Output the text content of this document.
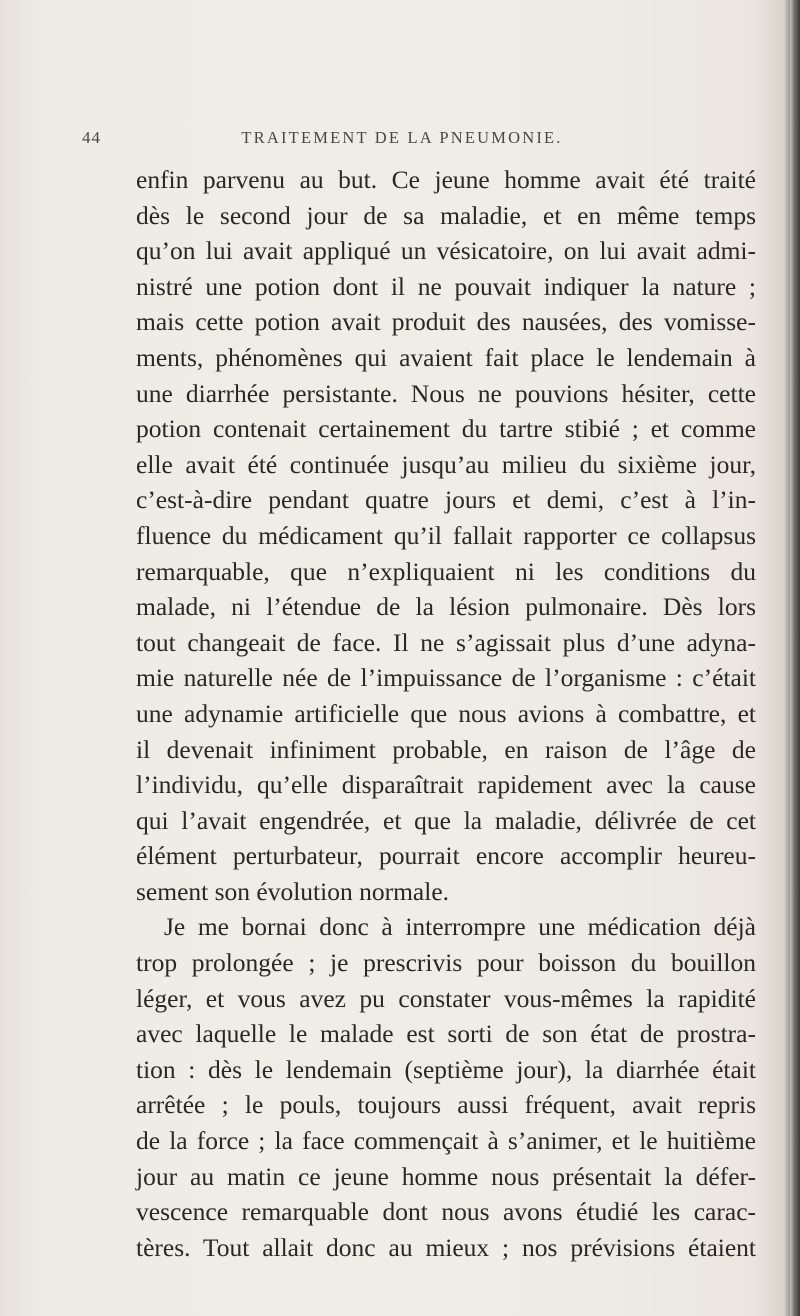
44	TRAITEMENT DE LA PNEUMONIE.
enfin parvenu au but. Ce jeune homme avait été traité
dès le second jour de sa maladie, et en même temps
qu’on lui avait appliqué un vésicatoire, on lui avait admi-
nistré une potion dont il ne pouvait indiquer la nature ;
mais cette potion avait produit des nausées, des vomisse-
ments, phénomènes qui avaient fait place le lendemain à
une diarrhée persistante. Nous ne pouvions hésiter, cette
potion contenait certainement du tartre stibié ; et comme
elle avait été continuée jusqu’au milieu du sixième jour,
c’est-à-dire pendant quatre jours et demi, c’est à l’in-
fluence du médicament qu’il fallait rapporter ce collapsus
remarquable, que n’expliquaient ni les conditions du
malade, ni l’étendue de la lésion pulmonaire. Dès lors
tout changeait de face. Il ne s’agissait plus d’une adyna-
mie naturelle née de l’impuissance de l’organisme : c’était
une adynamie artificielle que nous avions à combattre, et
il devenait infiniment probable, en raison de l’âge de
l’individu, qu’elle disparaîtrait rapidement avec la cause
qui l’avait engendrée, et que la maladie, délivrée de cet
élément perturbateur, pourrait encore accomplir heureu-
sement son évolution normale.
Je me bornai donc à interrompre une médication déjà
trop prolongée ; je prescrivis pour boisson du bouillon
léger, et vous avez pu constater vous-mêmes la rapidité
avec laquelle le malade est sorti de son état de prostra-
tion : dès le lendemain (septième jour), la diarrhée était
arrêtée ; le pouls, toujours aussi fréquent, avait repris
de la force ; la face commençait à s’animer, et le huitième
jour au matin ce jeune homme nous présentait la défer-
vescence remarquable dont nous avons étudié les carac-
tères. Tout allait donc au mieux ; nos prévisions étaient
